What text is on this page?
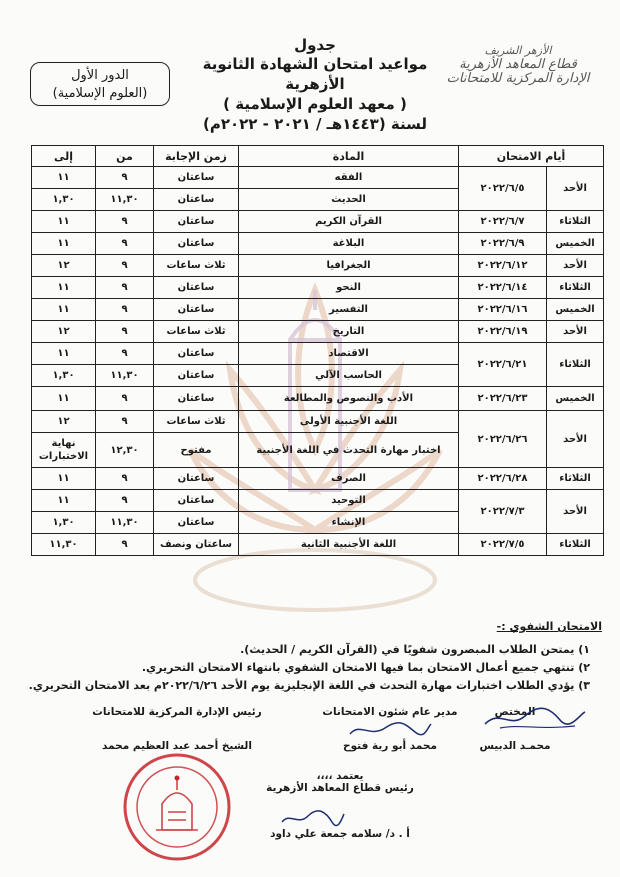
الأزهر الشريف
قطاع المعاهد الأزهرية
الإدارة المركزية للامتحانات
جدول
مواعيد امتحان الشهادة الثانوية الأزهرية
( معهد العلوم الإسلامية )
لسنة (١٤٤٣هـ / ٢٠٢١ - ٢٠٢٢م)
الدور الأول
(العلوم الإسلامية)
أيام الامتحان		المادة	زمن الإجابة	من	إلى
الأحد	٢٠٢٢/٦/٥	الفقه	ساعتان	٩	١١
		الحديث	ساعتان	١١,٣٠	١,٣٠
الثلاثاء	٢٠٢٢/٦/٧	القرآن الكريم	ساعتان	٩	١١
الخميس	٢٠٢٢/٦/٩	البلاغة	ساعتان	٩	١١
الأحد	٢٠٢٢/٦/١٢	الجغرافيا	ثلاث ساعات	٩	١٢
الثلاثاء	٢٠٢٢/٦/١٤	النحو	ساعتان	٩	١١
الخميس	٢٠٢٢/٦/١٦	التفسير	ساعتان	٩	١١
الأحد	٢٠٢٢/٦/١٩	التاريخ	ثلاث ساعات	٩	١٢
الثلاثاء	٢٠٢٢/٦/٢١	الاقتصاد	ساعتان	٩	١١
		الحاسب الآلي	ساعتان	١١,٣٠	١,٣٠
الخميس	٢٠٢٢/٦/٢٣	الأدب والنصوص والمطالعة	ساعتان	٩	١١
الأحد	٢٠٢٢/٦/٢٦	اللغة الأجنبية الأولى	ثلاث ساعات	٩	١٢
		اختبار مهارة التحدث في اللغة الأجنبية	مفتوح	١٢,٣٠	نهاية
الاختبارات

الثلاثاء	٢٠٢٢/٦/٢٨	الصرف	ساعتان	٩	١١
الأحد	٢٠٢٢/٧/٣	التوحيد	ساعتان	٩	١١
		الإنشاء	ساعتان	١١,٣٠	١,٣٠
الثلاثاء	٢٠٢٢/٧/٥	اللغة الأجنبية الثانية	ساعتان ونصف	٩	١١,٣٠
الامتحان الشفوي :-
١) يمتحن الطلاب المبصرون شفويًا في (القرآن الكريم / الحديث).
٢) تنتهي جميع أعمال الامتحان بما فيها الامتحان الشفوي بانتهاء الامتحان التحريري.
٣) يؤدي الطلاب اختبارات مهارة التحدث في اللغة الإنجليزية يوم الأحد ٢٠٢٢/٦/٢٦م بعد الامتحان التحريري.
المختص
محمـد الدبيس
مدير عام شئون الامتحانات
محمد أبو رية فتوح
رئيس الإدارة المركزية للامتحانات
الشيخ أحمد عبد العظيم محمد
يعتمد ،،،،
رئيس قطاع المعاهد الأزهرية
أ . د/ سلامه جمعة علي داود
